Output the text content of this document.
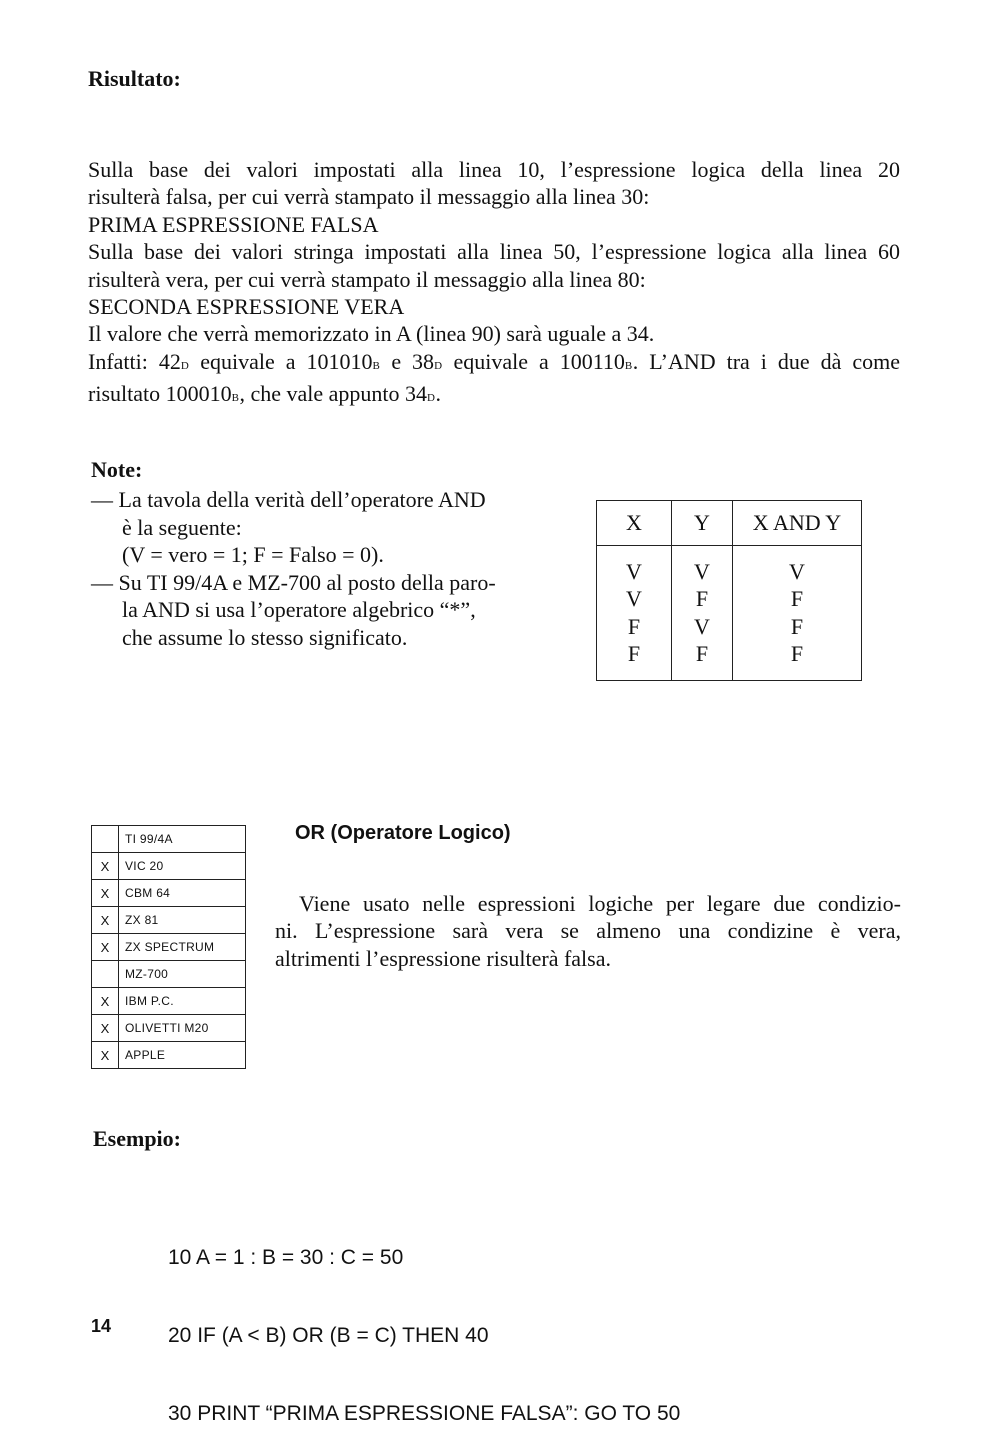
Risultato:

Sulla base dei valori impostati alla linea 10, l’espressione logica della linea 20

risulterà falsa, per cui verrà stampato il messaggio alla linea 30:

PRIMA ESPRESSIONE FALSA

Sulla base dei valori stringa impostati alla linea 50, l’espressione logica alla linea 60

risulterà vera, per cui verrà stampato il messaggio alla linea 80:

SECONDA ESPRESSIONE VERA

Il valore che verrà memorizzato in A (linea 90) sarà uguale a 34.

Infatti: 42D equivale a 101010B e 38D equivale a 100110B. L’AND tra i due dà come

risultato 100010B, che vale appunto 34D.

Note:
— La tavola della verità dell’operatore AND
è la seguente:
(V = vero = 1; F = Falso = 0).
— Su TI 99/4A e MZ-700 al posto della paro-
la AND si usa l’operatore algebrico “*”,
che assume lo stesso significato.
X	Y	X AND Y
V	V	V
V	F	F
F	V	F
F	F	F
	TI 99/4A
X	VIC 20
X	CBM 64
X	ZX 81
X	ZX SPECTRUM
	MZ-700
X	IBM P.C.
X	OLIVETTI M20
X	APPLE
OR (Operatore Logico)

Viene usato nelle espressioni logiche per legare due condizio-

ni. L’espressione sarà vera se almeno una condizine è vera,

altrimenti l’espressione risulterà falsa.

Esempio:

10 A = 1 : B = 30 : C = 50

20 IF (A < B) OR (B = C) THEN 40

30 PRINT “PRIMA ESPRESSIONE FALSA”: GO TO 50

14
